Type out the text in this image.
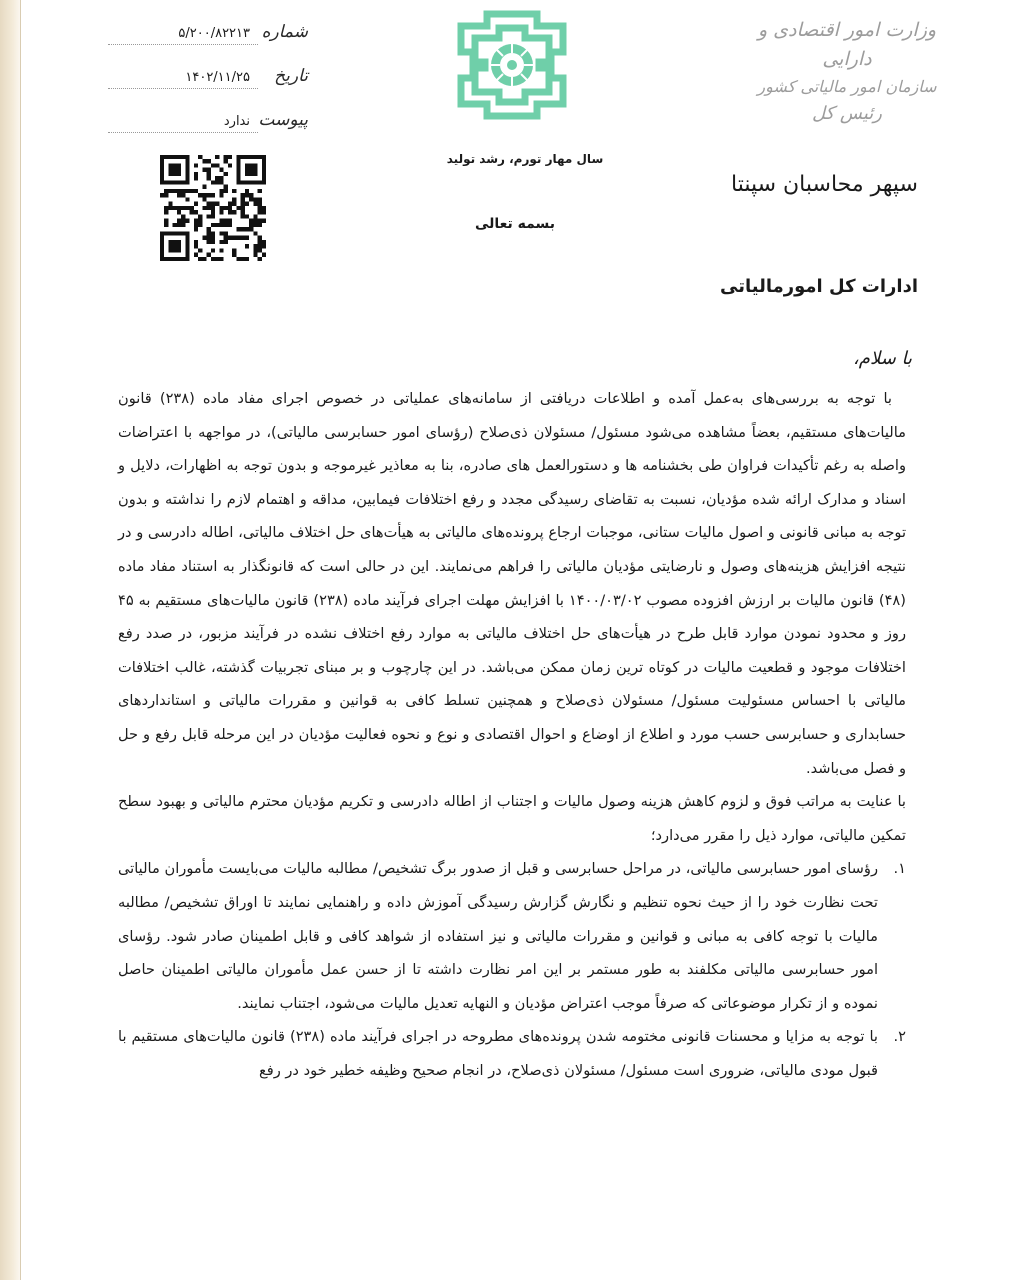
وزارت امور اقتصادی و دارایی
سازمان امور مالیاتی کشور
رئیس کل
شماره
۵/۲۰۰/۸۲۲۱۳
تاریخ
۱۴۰۲/۱۱/۲۵
پیوست
ندارد
سال مهار تورم، رشد تولید
بسمه تعالی
سپهر محاسبان سپنتا
ادارات کل امورمالیاتی
با سلام،

با توجه به بررسی‌های به‌عمل آمده و اطلاعات دریافتی از سامانه‌های عملیاتی در خصوص اجرای مفاد ماده (۲۳۸) قانون مالیات‌های مستقیم، بعضاً مشاهده می‌شود مسئول/ مسئولان ذی‌صلاح (رؤسای امور حسابرسی مالیاتی)، در مواجهه با اعتراضات واصله به رغم تأکیدات فراوان طی بخشنامه ها و دستورالعمل های صادره، بنا به معاذیر غیرموجه و بدون توجه به اظهارات، دلایل و اسناد و مدارک ارائه شده مؤدیان، نسبت به تقاضای رسیدگی مجدد و رفع اختلافات فیمابین، مداقه و اهتمام لازم را نداشته و بدون توجه به مبانی قانونی و اصول مالیات ستانی، موجبات ارجاع پرونده‌های مالیاتی به هیأت‌های حل اختلاف مالیاتی، اطاله دادرسی و در نتیجه افزایش هزینه‌های وصول و نارضایتی مؤدیان مالیاتی را فراهم می‌نمایند. این در حالی است که قانونگذار به استناد مفاد ماده (۴۸) قانون مالیات بر ارزش افزوده مصوب ۱۴۰۰/۰۳/۰۲ با افزایش مهلت اجرای فرآیند ماده (۲۳۸) قانون مالیات‌های مستقیم به ۴۵ روز و محدود نمودن موارد قابل طرح در هیأت‌های حل اختلاف مالیاتی به موارد رفع اختلاف نشده در فرآیند مزبور، در صدد رفع اختلافات موجود و قطعیت مالیات در کوتاه ترین زمان ممکن می‌باشد. در این چارچوب و بر مبنای تجربیات گذشته، غالب اختلافات مالیاتی با احساس مسئولیت مسئول/ مسئولان ذی‌صلاح و همچنین تسلط کافی به قوانین و مقررات مالیاتی و استانداردهای حسابداری و حسابرسی حسب مورد و اطلاع از اوضاع و احوال اقتصادی و نوع و نحوه فعالیت مؤدیان در این مرحله قابل رفع و حل و فصل می‌باشد.

با عنایت به مراتب فوق و لزوم کاهش هزینه وصول مالیات و اجتناب از اطاله دادرسی و تکریم مؤدیان محترم مالیاتی و بهبود سطح تمکین مالیاتی، موارد ذیل را مقرر می‌دارد؛

۱.
رؤسای امور حسابرسی مالیاتی، در مراحل حسابرسی و قبل از صدور برگ تشخیص/ مطالبه مالیات می‌بایست مأموران مالیاتی تحت نظارت خود را از حیث نحوه تنظیم و نگارش گزارش رسیدگی آموزش داده و راهنمایی نمایند تا اوراق تشخیص/ مطالبه مالیات با توجه کافی به مبانی و قوانین و مقررات مالیاتی و نیز استفاده از شواهد کافی و قابل اطمینان صادر شود. رؤسای امور حسابرسی مالیاتی مکلفند به طور مستمر بر این امر نظارت داشته تا از حسن عمل مأموران مالیاتی اطمینان حاصل نموده و از تکرار موضوعاتی که صرفاً موجب اعتراض مؤدیان و النهایه تعدیل مالیات می‌شود، اجتناب نمایند.

۲.
با توجه به مزایا و محسنات قانونی مختومه شدن پرونده‌های مطروحه در اجرای فرآیند ماده (۲۳۸) قانون مالیات‌های مستقیم با قبول مودی مالیاتی، ضروری است مسئول/ مسئولان ذی‌صلاح، در انجام صحیح وظیفه خطیر خود در رفع
